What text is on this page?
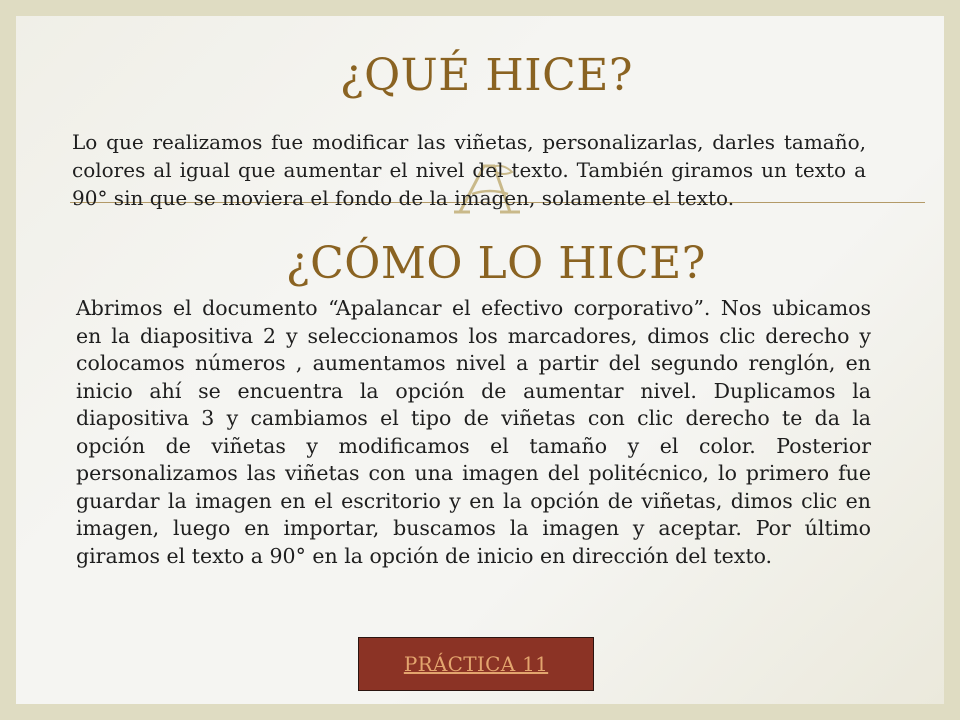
¿QUÉ HICE?
Lo que realizamos fue modificar las viñetas, personalizarlas, darles tamaño, colores al igual que aumentar el nivel del texto. También giramos un texto a 90° sin que se moviera el fondo de la imagen, solamente el texto.
¿CÓMO LO HICE?
Abrimos el documento “Apalancar el efectivo corporativo”. Nos ubicamos en la diapositiva 2 y seleccionamos los marcadores, dimos clic derecho y colocamos números , aumentamos nivel a partir del segundo renglón, en inicio ahí se encuentra la opción de aumentar nivel. Duplicamos la diapositiva 3 y cambiamos el tipo de viñetas con clic derecho te da la opción de viñetas y modificamos el tamaño y el color. Posterior personalizamos las viñetas con una imagen del politécnico, lo primero fue guardar la imagen en el escritorio y en la opción de viñetas, dimos clic en imagen, luego en importar, buscamos la imagen y aceptar. Por último giramos el texto a 90° en la opción de inicio en dirección del texto.
PRÁCTICA 11
